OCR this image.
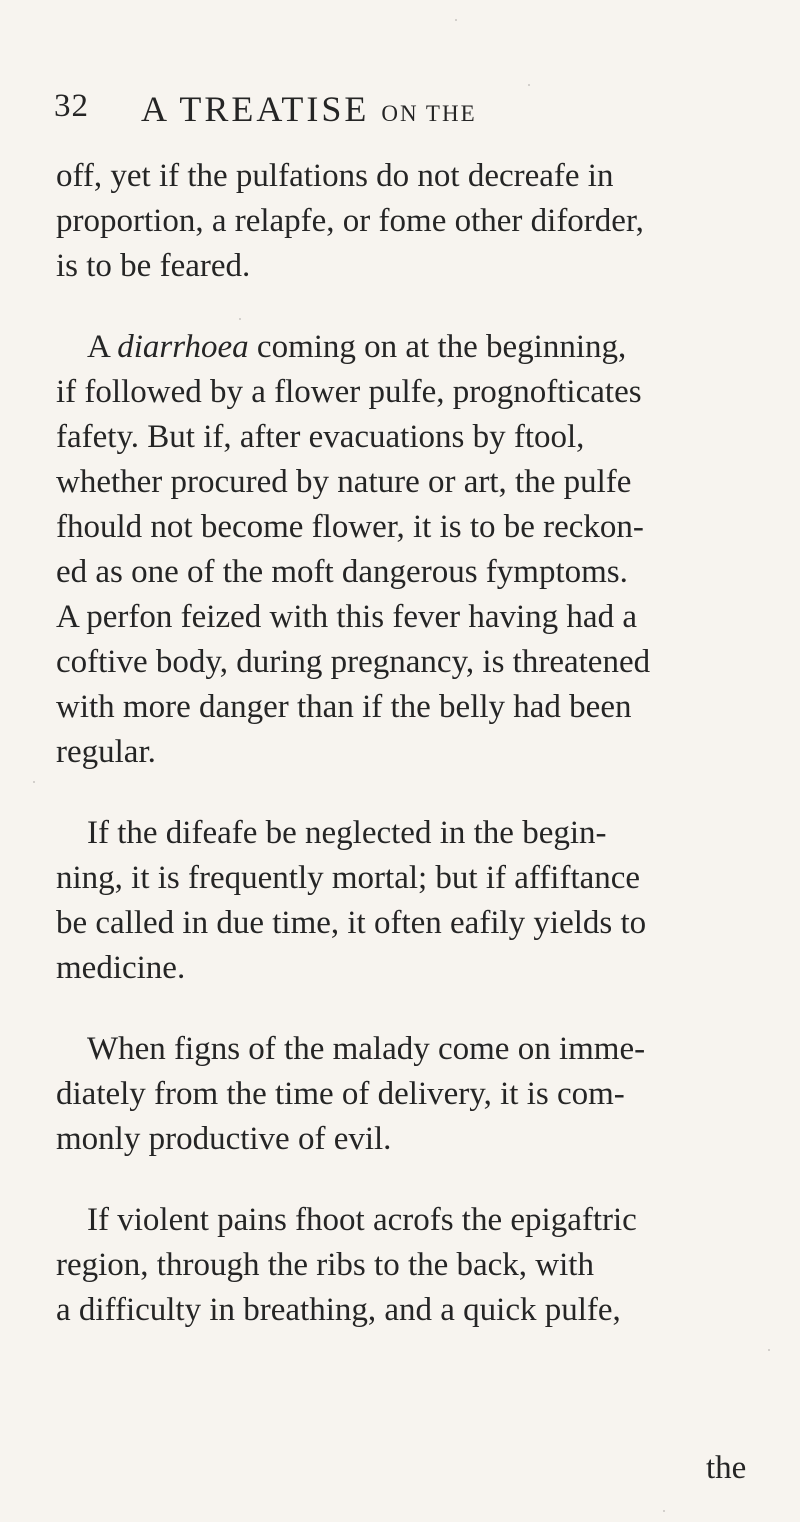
32 A TREATISE ON THE
off, yet if the pulfations do not decreafe in
proportion, a relapfe, or fome other diforder,
is to be feared.
A diarrhoea coming on at the beginning,
if followed by a flower pulfe, prognofticates
fafety. But if, after evacuations by ftool,
whether procured by nature or art, the pulfe
fhould not become flower, it is to be reckon-
ed as one of the moft dangerous fymptoms.
A perfon feized with this fever having had a
coftive body, during pregnancy, is threatened
with more danger than if the belly had been
regular.
If the difeafe be neglected in the begin-
ning, it is frequently mortal; but if affiftance
be called in due time, it often eafily yields to
medicine.
When figns of the malady come on imme-
diately from the time of delivery, it is com-
monly productive of evil.
If violent pains fhoot acrofs the epigaftric
region, through the ribs to the back, with
a difficulty in breathing, and a quick pulfe,
the
